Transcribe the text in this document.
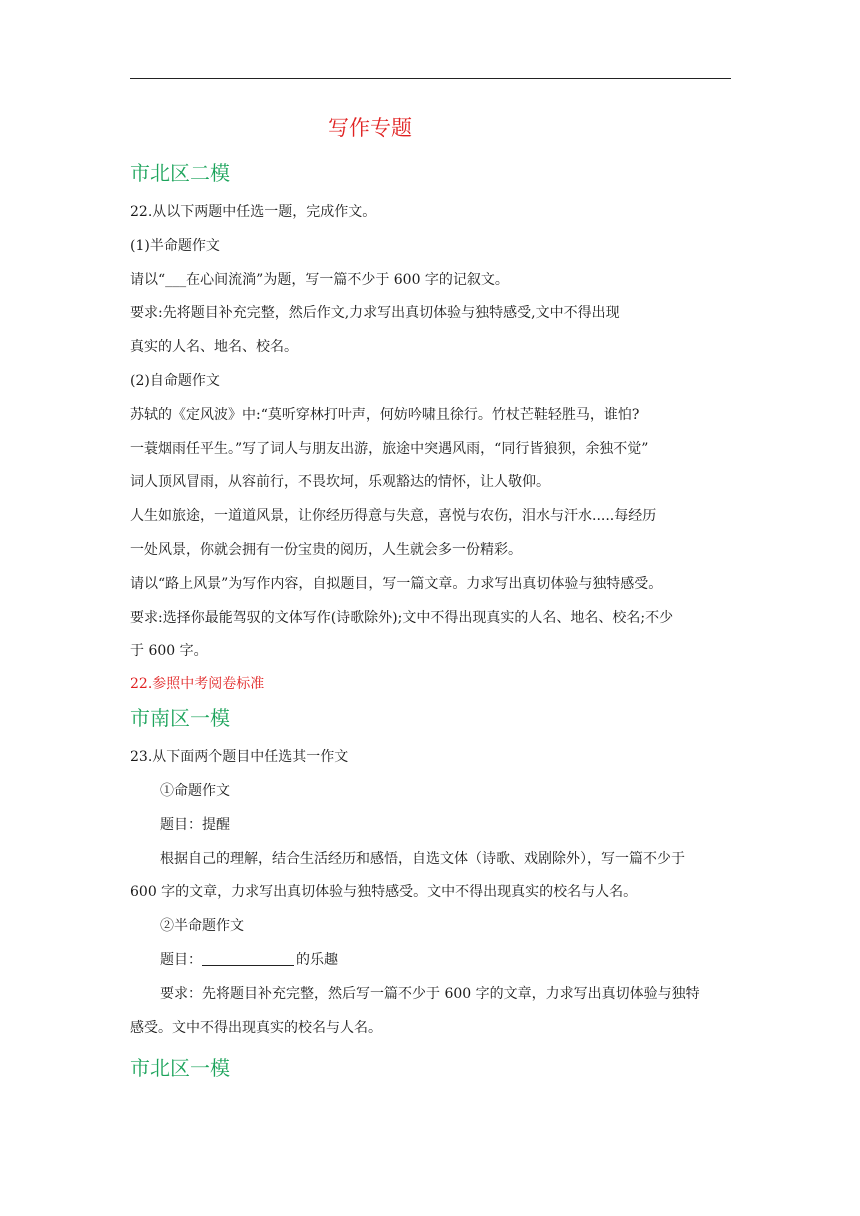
写作专题
市北区二模
22.从以下两题中任选一题，完成作文。
(1)半命题作文
请以“___在心间流淌”为题，写一篇不少于 600 字的记叙文。
要求:先将题目补充完整，然后作文,力求写出真切体验与独特感受,文中不得出现
真实的人名、地名、校名。
(2)自命题作文
苏轼的《定风波》中:“莫听穿林打叶声，何妨吟啸且徐行。竹杖芒鞋轻胜马，谁怕?
一蓑烟雨任平生。”写了词人与朋友出游，旅途中突遇风雨，“同行皆狼狈，余独不觉”
词人顶风冒雨，从容前行，不畏坎坷，乐观豁达的情怀，让人敬仰。
人生如旅途，一道道风景，让你经历得意与失意，喜悦与农伤，泪水与汗水.....每经历
一处风景，你就会拥有一份宝贵的阅历，人生就会多一份精彩。
请以“路上风景”为写作内容，自拟题目，写一篇文章。力求写出真切体验与独特感受。
要求:选择你最能驾驭的文体写作(诗歌除外);文中不得出现真实的人名、地名、校名;不少
于 600 字。
22.参照中考阅卷标准
市南区一模
23.从下面两个题目中任选其一作文
①命题作文
题目：提醒
根据自己的理解，结合生活经历和感悟，自选文体（诗歌、戏剧除外），写一篇不少于
600 字的文章，力求写出真切体验与独特感受。文中不得出现真实的校名与人名。
②半命题作文
题目：	的乐趣
要求：先将题目补充完整，然后写一篇不少于 600 字的文章，力求写出真切体验与独特
感受。文中不得出现真实的校名与人名。
市北区一模
